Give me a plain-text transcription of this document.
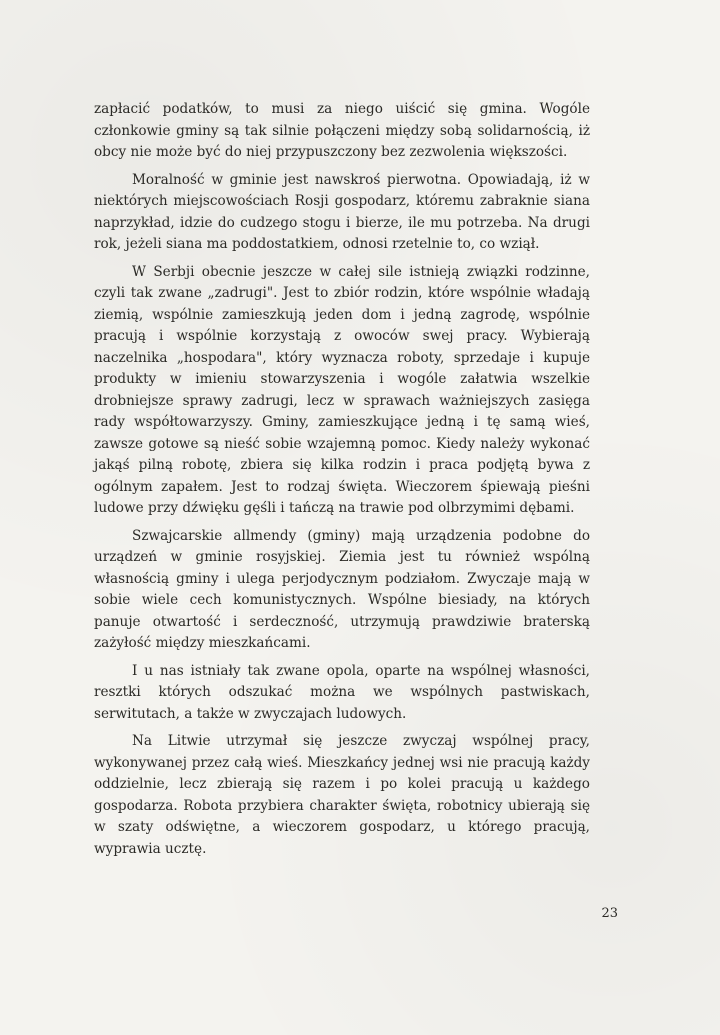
zapłacić podatków, to musi za niego uiścić się gmina. Wogóle członkowie gminy są tak silnie połączeni między sobą solidarnością, iż obcy nie może być do niej przypuszczony bez zezwolenia większości.

Moralność w gminie jest nawskroś pierwotna. Opowiadają, iż w niektórych miejscowościach Rosji gospodarz, któremu zabraknie siana naprzykład, idzie do cudzego stogu i bierze, ile mu potrzeba. Na drugi rok, jeżeli siana ma poddostatkiem, odnosi rzetelnie to, co wziął.

W Serbji obecnie jeszcze w całej sile istnieją związki rodzinne, czyli tak zwane „zadrugi". Jest to zbiór rodzin, które wspólnie władają ziemią, wspólnie zamieszkują jeden dom i jedną zagrodę, wspólnie pracują i wspólnie korzystają z owoców swej pracy. Wybierają naczelnika „hospodara", który wyznacza roboty, sprzedaje i kupuje produkty w imieniu stowarzyszenia i wogóle załatwia wszelkie drobniejsze sprawy zadrugi, lecz w sprawach ważniejszych zasięga rady współtowarzyszy. Gminy, zamieszkujące jedną i tę samą wieś, zawsze gotowe są nieść sobie wzajemną pomoc. Kiedy należy wykonać jakąś pilną robotę, zbiera się kilka rodzin i praca podjętą bywa z ogólnym zapałem. Jest to rodzaj święta. Wieczorem śpiewają pieśni ludowe przy dźwięku gęśli i tańczą na trawie pod olbrzymimi dębami.

Szwajcarskie allmendy (gminy) mają urządzenia podobne do urządzeń w gminie rosyjskiej. Ziemia jest tu również wspólną własnością gminy i ulega perjodycznym podziałom. Zwyczaje mają w sobie wiele cech komunistycznych. Wspólne biesiady, na których panuje otwartość i serdeczność, utrzymują prawdziwie braterską zażyłość między mieszkańcami.

I u nas istniały tak zwane opola, oparte na wspólnej własności, resztki których odszukać można we wspólnych pastwiskach, serwitutach, a także w zwyczajach ludowych.

Na Litwie utrzymał się jeszcze zwyczaj wspólnej pracy, wykonywanej przez całą wieś. Mieszkańcy jednej wsi nie pracują każdy oddzielnie, lecz zbierają się razem i po kolei pracują u każdego gospodarza. Robota przybiera charakter święta, robotnicy ubierają się w szaty odświętne, a wieczorem gospodarz, u którego pracują, wyprawia ucztę.

23
